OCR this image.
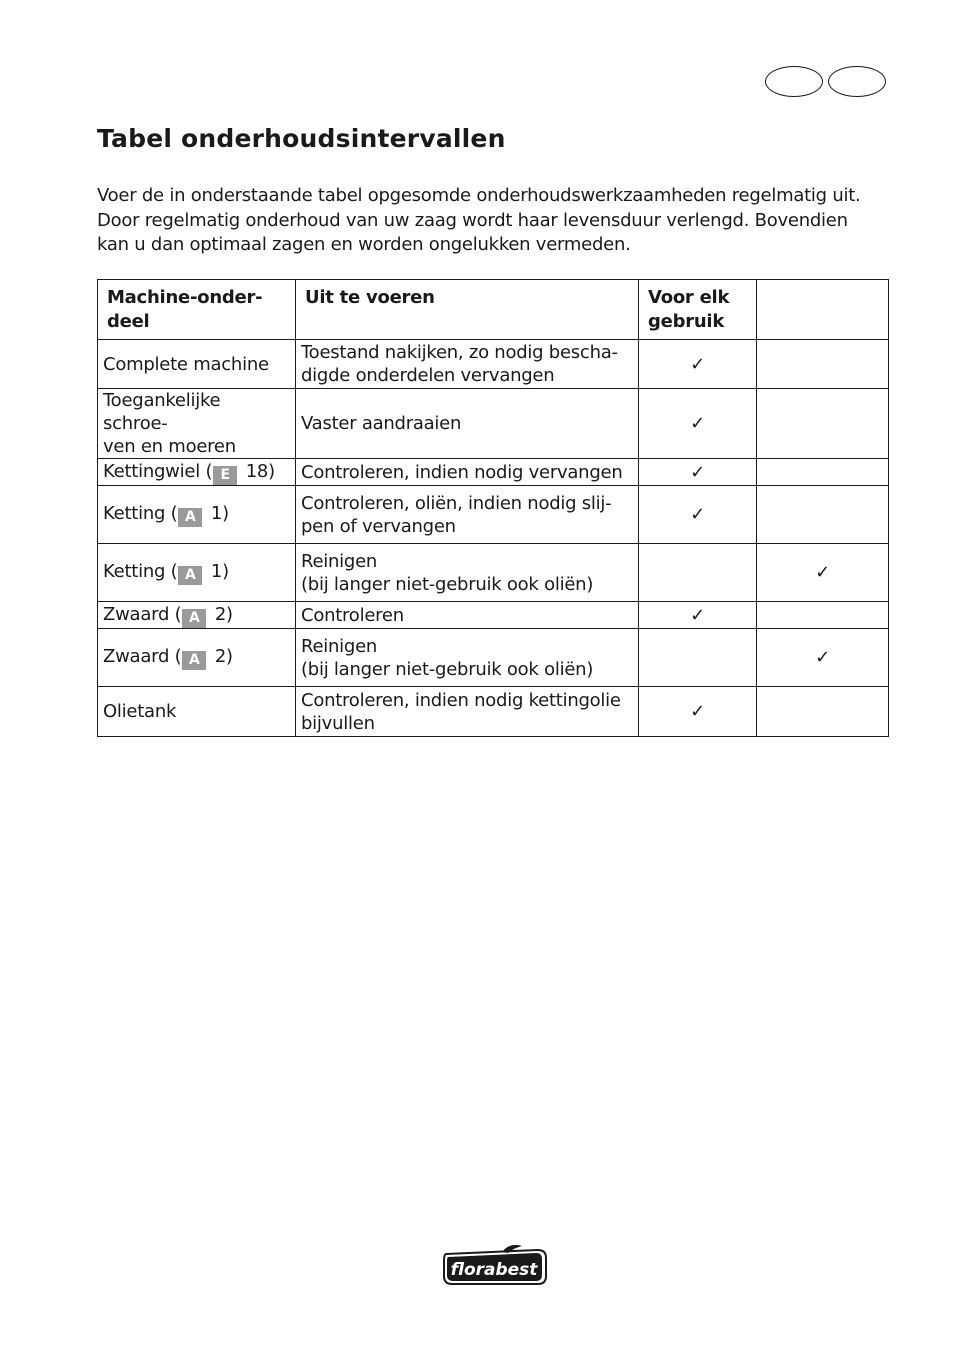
Tabel onderhoudsintervallen

Voer de in onderstaande tabel opgesomde onderhoudswerkzaamheden regelmatig uit.
Door regelmatig onderhoud van uw zaag wordt haar levensduur verlengd. Bovendien
kan u dan optimaal zagen en worden ongelukken vermeden.

Machine-onder-
deel	Uit te voeren	Voor elk
gebruik	
Complete machine	Toestand nakijken, zo nodig bescha-
digde onderdelen vervangen	✓	
Toegankelijke schroe-
ven en moeren	Vaster aandraaien	✓	
Kettingwiel ( E 18)	Controleren, indien nodig vervangen	✓	
Ketting ( A 1)	Controleren, oliën, indien nodig slij-
pen of vervangen	✓	
Ketting ( A 1)	Reinigen
(bij langer niet-gebruik ook oliën)		✓
Zwaard ( A 2)	Controleren	✓	
Zwaard ( A 2)	Reinigen
(bij langer niet-gebruik ook oliën)		✓
Olietank	Controleren, indien nodig kettingolie
bijvullen	✓	
florabest
